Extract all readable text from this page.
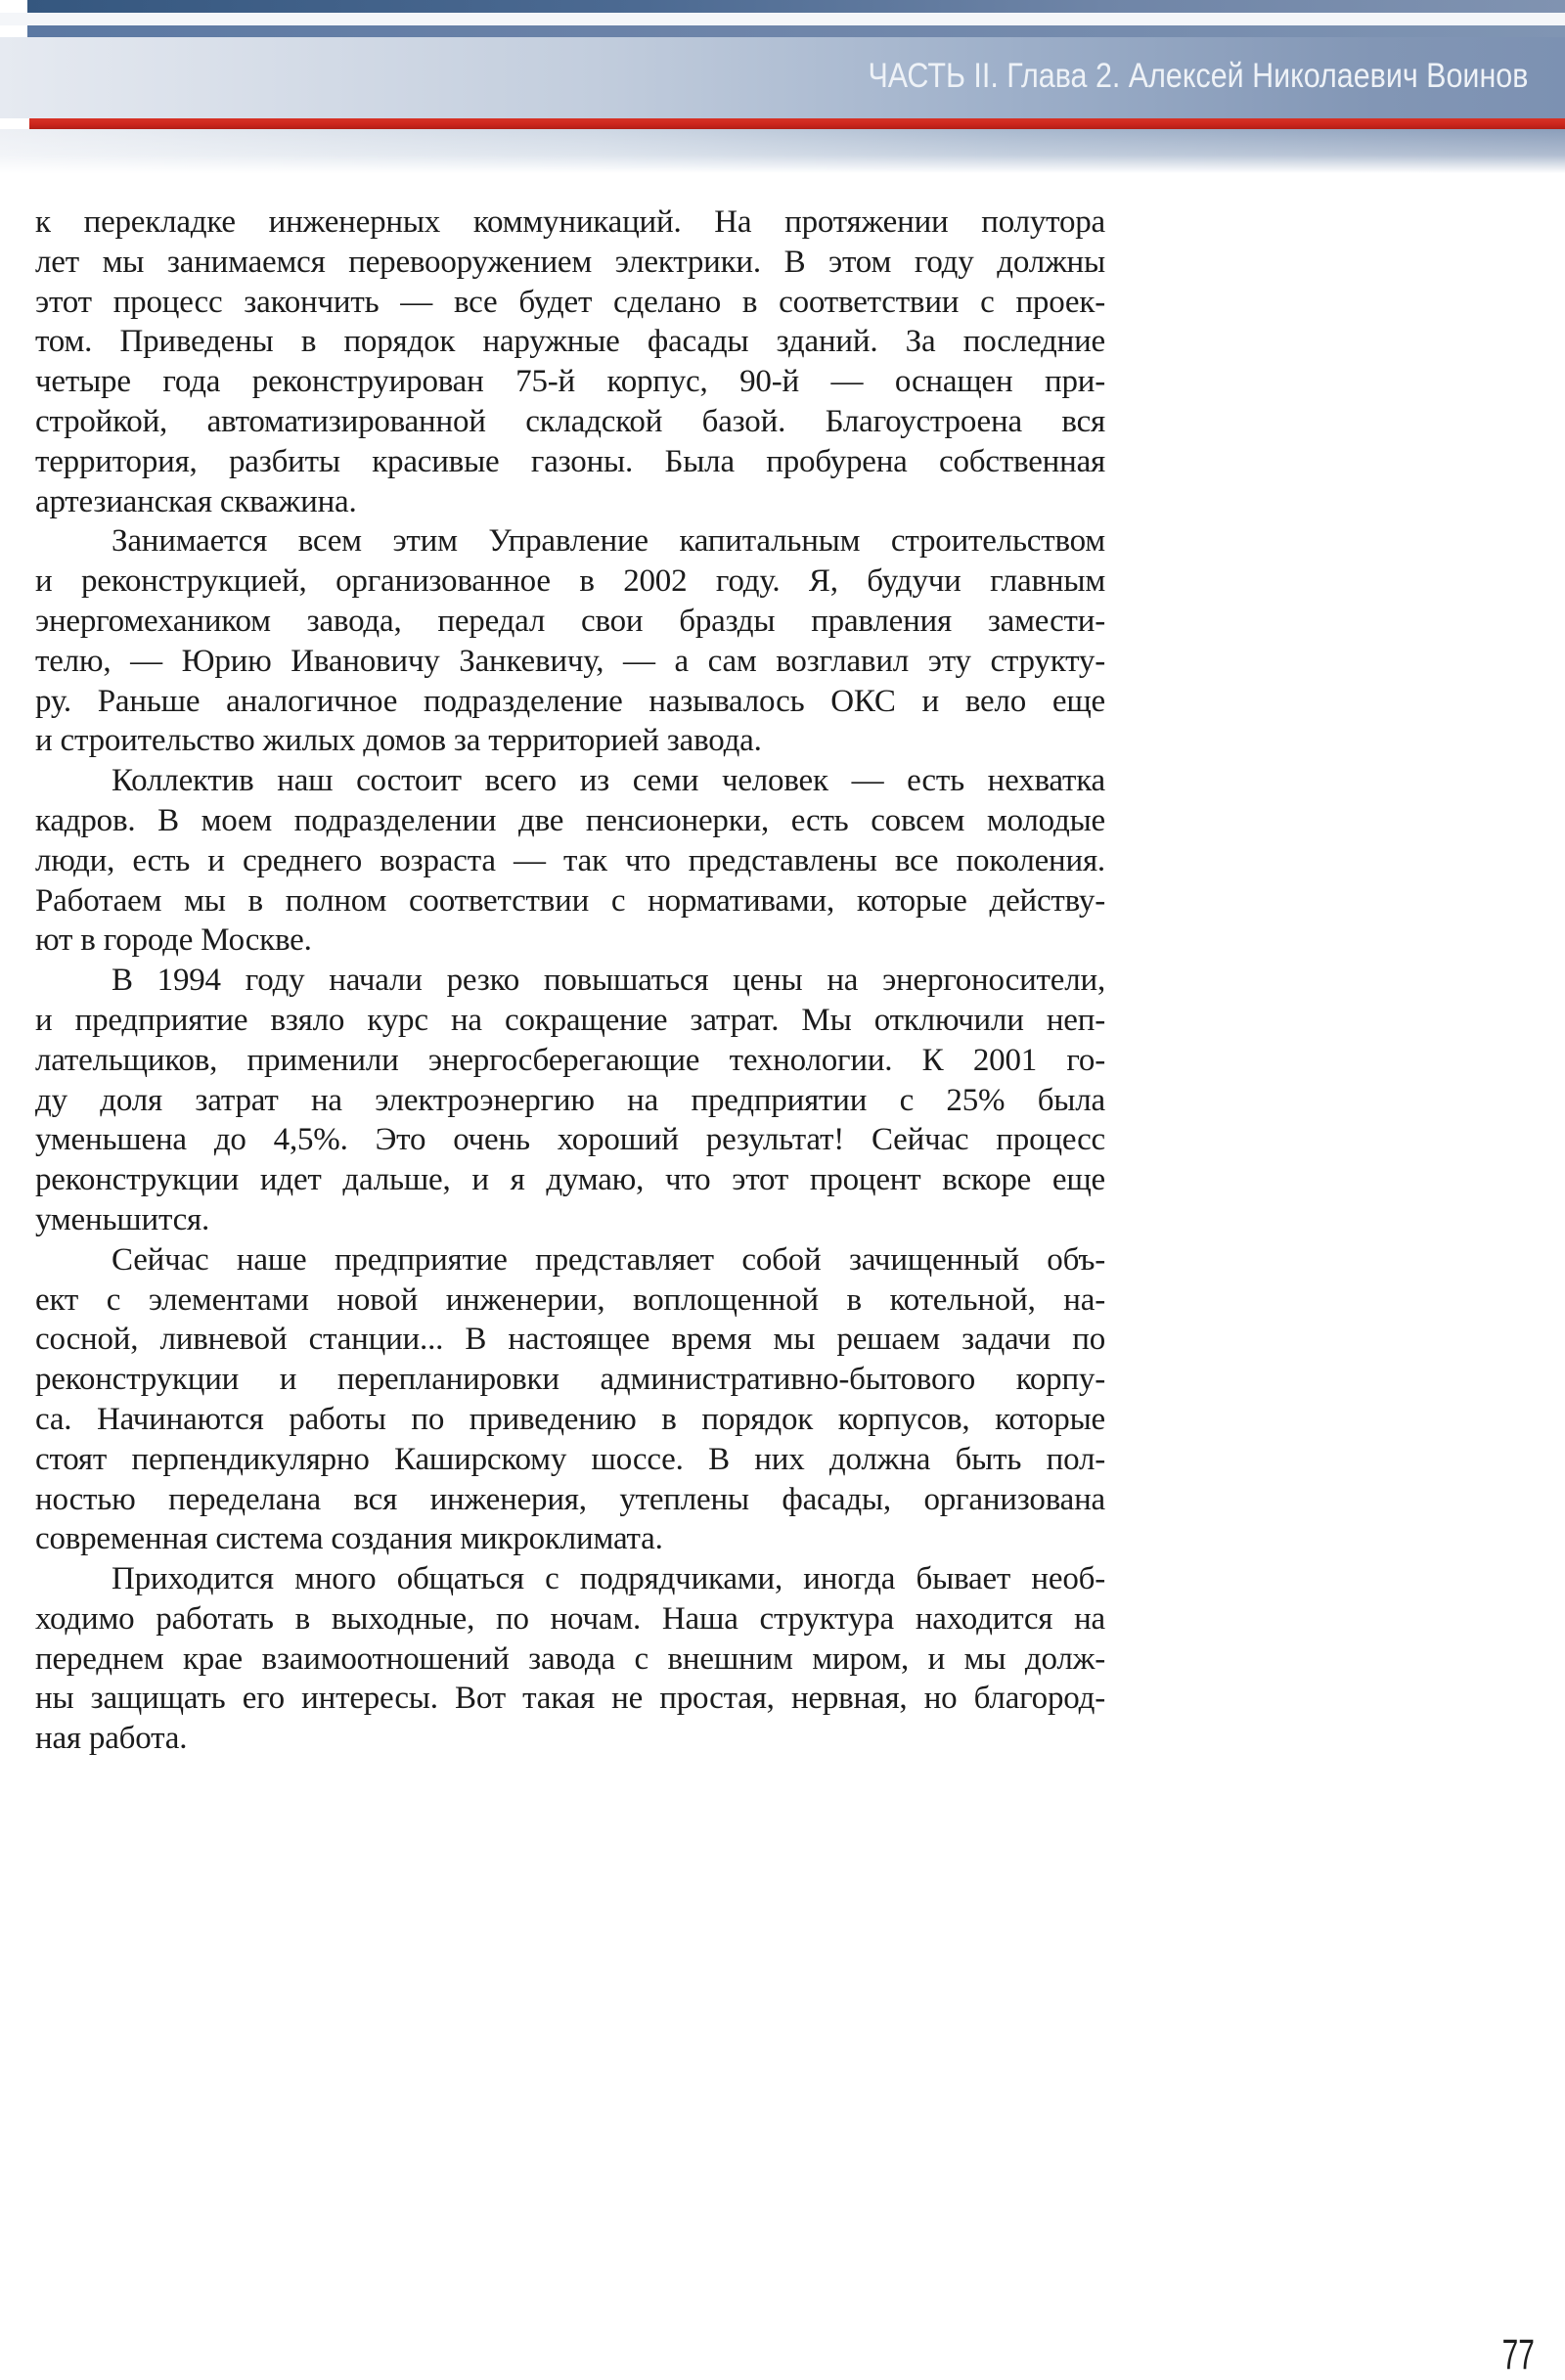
ЧАСТЬ II. Глава 2. Алексей Николаевич Воинов
к перекладке инженерных коммуникаций. На протяжении полутора
лет мы занимаемся перевооружением электрики. В этом году должны
этот процесс закончить — все будет сделано в соответствии с проек-
том. Приведены в порядок наружные фасады зданий. За последние
четыре года реконструирован 75-й корпус, 90-й — оснащен при-
стройкой, автоматизированной складской базой. Благоустроена вся
территория, разбиты красивые газоны. Была пробурена собственная
артезианская скважина.
Занимается всем этим Управление капитальным строительством
и реконструкцией, организованное в 2002 году. Я, будучи главным
энергомехаником завода, передал свои бразды правления замести-
телю, — Юрию Ивановичу Занкевичу, — а сам возглавил эту структу-
ру. Раньше аналогичное подразделение называлось ОКС и вело еще
и строительство жилых домов за территорией завода.
Коллектив наш состоит всего из семи человек — есть нехватка
кадров. В моем подразделении две пенсионерки, есть совсем молодые
люди, есть и среднего возраста — так что представлены все поколения.
Работаем мы в полном соответствии с нормативами, которые действу-
ют в городе Москве.
В 1994 году начали резко повышаться цены на энергоносители,
и предприятие взяло курс на сокращение затрат. Мы отключили неп-
лательщиков, применили энергосберегающие технологии. К 2001 го-
ду доля затрат на электроэнергию на предприятии с 25% была
уменьшена до 4,5%. Это очень хороший результат! Сейчас процесс
реконструкции идет дальше, и я думаю, что этот процент вскоре еще
уменьшится.
Сейчас наше предприятие представляет собой зачищенный объ-
ект с элементами новой инженерии, воплощенной в котельной, на-
сосной, ливневой станции... В настоящее время мы решаем задачи по
реконструкции и перепланировки административно-бытового корпу-
са. Начинаются работы по приведению в порядок корпусов, которые
стоят перпендикулярно Каширскому шоссе. В них должна быть пол-
ностью переделана вся инженерия, утеплены фасады, организована
современная система создания микроклимата.
Приходится много общаться с подрядчиками, иногда бывает необ-
ходимо работать в выходные, по ночам. Наша структура находится на
переднем крае взаимоотношений завода с внешним миром, и мы долж-
ны защищать его интересы. Вот такая не простая, нервная, но благород-
ная работа.
77
